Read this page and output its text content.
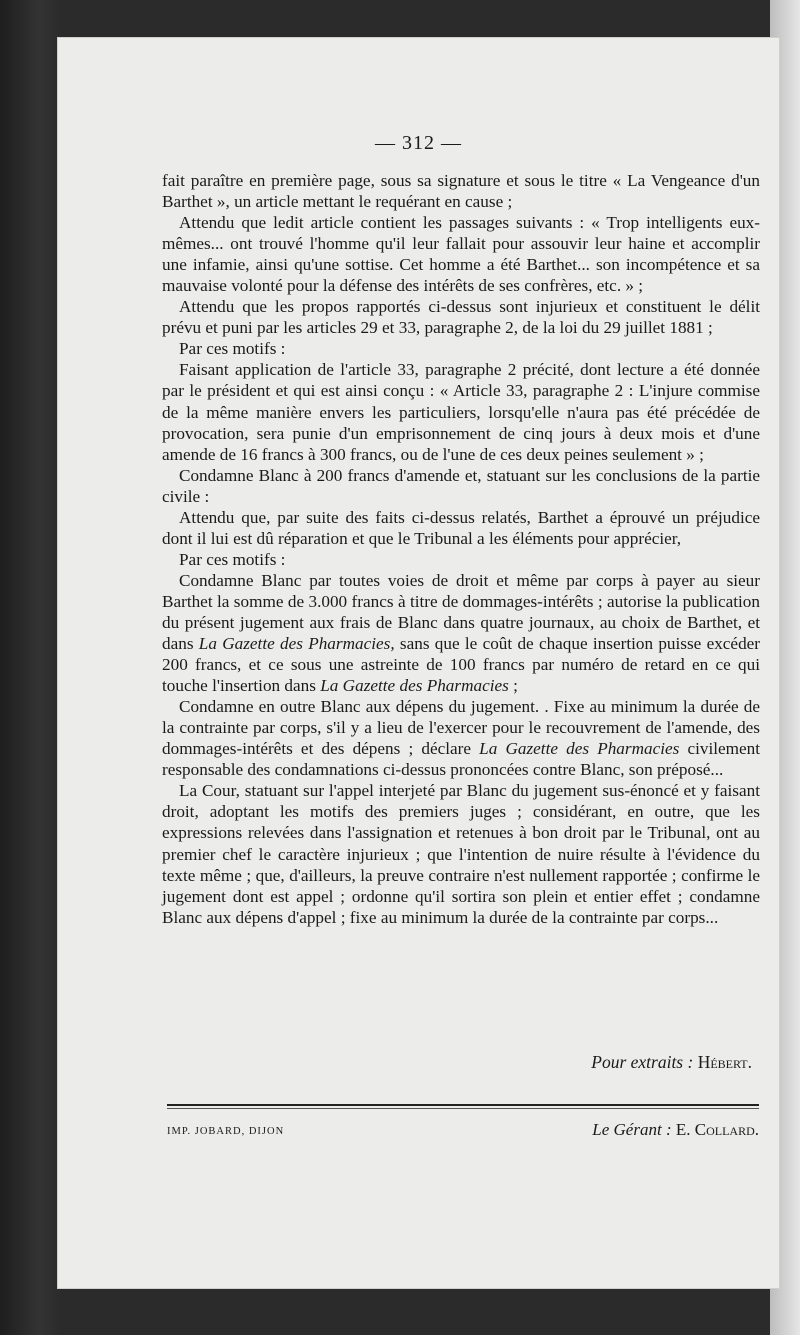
— 312 —

fait paraître en première page, sous sa signature et sous le titre « La Vengeance d'un Barthet », un article mettant le requérant en cause ;

Attendu que ledit article contient les passages suivants : « Trop intelligents eux-mêmes... ont trouvé l'homme qu'il leur fallait pour assouvir leur haine et accomplir une infamie, ainsi qu'une sottise. Cet homme a été Barthet... son incompétence et sa mauvaise volonté pour la défense des intérêts de ses confrères, etc. » ;

Attendu que les propos rapportés ci-dessus sont injurieux et constituent le délit prévu et puni par les articles 29 et 33, paragraphe 2, de la loi du 29 juillet 1881 ;

Par ces motifs :

Faisant application de l'article 33, paragraphe 2 précité, dont lecture a été donnée par le président et qui est ainsi conçu : « Article 33, paragraphe 2 : L'injure commise de la même manière envers les particuliers, lorsqu'elle n'aura pas été précédée de provocation, sera punie d'un emprisonnement de cinq jours à deux mois et d'une amende de 16 francs à 300 francs, ou de l'une de ces deux peines seulement » ;

Condamne Blanc à 200 francs d'amende et, statuant sur les conclusions de la partie civile :

Attendu que, par suite des faits ci-dessus relatés, Barthet a éprouvé un préjudice dont il lui est dû réparation et que le Tribunal a les éléments pour apprécier,

Par ces motifs :

Condamne Blanc par toutes voies de droit et même par corps à payer au sieur Barthet la somme de 3.000 francs à titre de dommages-intérêts ; autorise la publication du présent jugement aux frais de Blanc dans quatre journaux, au choix de Barthet, et dans La Gazette des Pharmacies, sans que le coût de chaque insertion puisse excéder 200 francs, et ce sous une astreinte de 100 francs par numéro de retard en ce qui touche l'insertion dans La Gazette des Pharmacies ;

Condamne en outre Blanc aux dépens du jugement. . Fixe au minimum la durée de la contrainte par corps, s'il y a lieu de l'exercer pour le recouvrement de l'amende, des dommages-intérêts et des dépens ; déclare La Gazette des Pharmacies civilement responsable des condamnations ci-dessus prononcées contre Blanc, son préposé...

La Cour, statuant sur l'appel interjeté par Blanc du jugement sus-énoncé et y faisant droit, adoptant les motifs des premiers juges ; considérant, en outre, que les expressions relevées dans l'assignation et retenues à bon droit par le Tribunal, ont au premier chef le caractère injurieux ; que l'intention de nuire résulte à l'évidence du texte même ; que, d'ailleurs, la preuve contraire n'est nullement rapportée ; confirme le jugement dont est appel ; ordonne qu'il sortira son plein et entier effet ; condamne Blanc aux dépens d'appel ; fixe au minimum la durée de la contrainte par corps...

Pour extraits : Hébert.
IMP. JOBARD, DIJON	Le Gérant : E. Collard.
